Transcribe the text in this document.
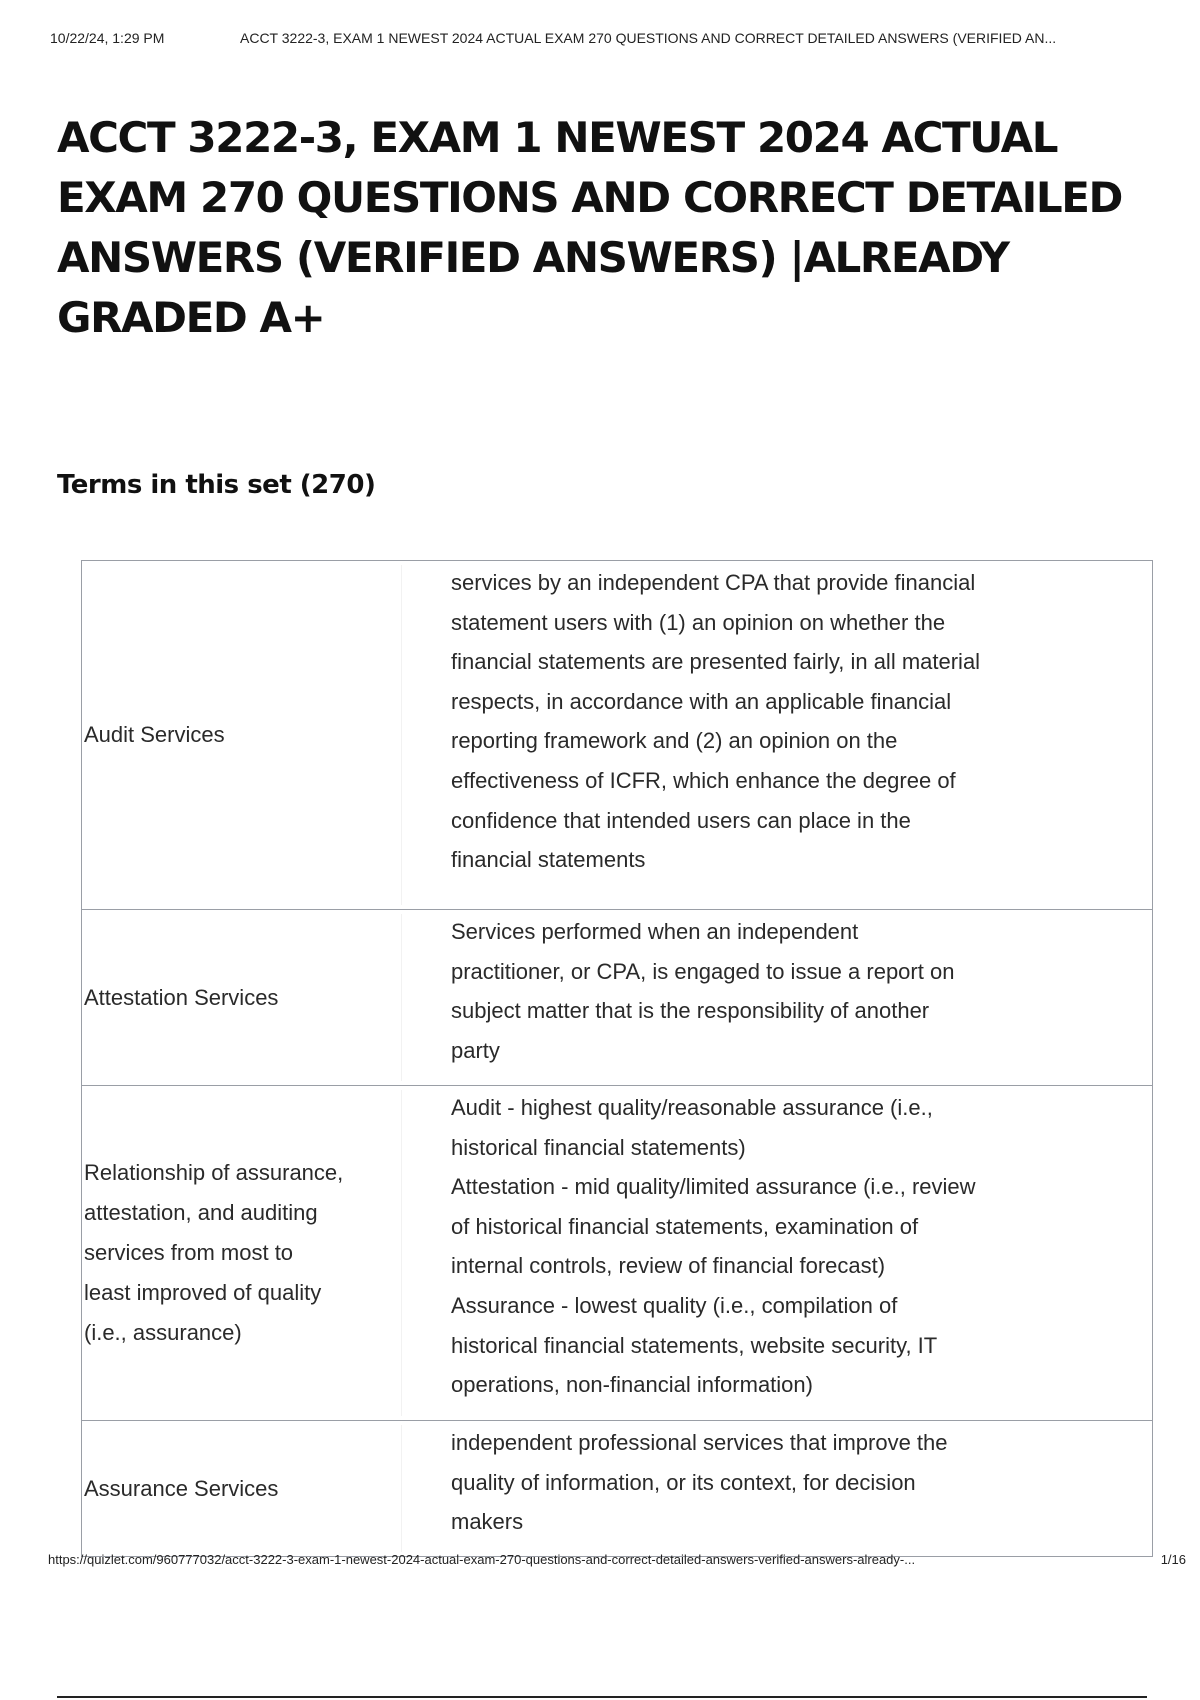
10/22/24, 1:29 PM	ACCT 3222-3, EXAM 1 NEWEST 2024 ACTUAL EXAM 270 QUESTIONS AND CORRECT DETAILED ANSWERS (VERIFIED AN...
ACCT 3222-3, EXAM 1 NEWEST 2024 ACTUAL
EXAM 270 QUESTIONS AND CORRECT DETAILED
ANSWERS (VERIFIED ANSWERS) |ALREADY
GRADED A+
Terms in this set (270)
Audit Services
services by an independent CPA that provide financial
statement users with (1) an opinion on whether the
financial statements are presented fairly, in all material
respects, in accordance with an applicable financial
reporting framework and (2) an opinion on the
effectiveness of ICFR, which enhance the degree of
confidence that intended users can place in the
financial statements
Attestation Services
Services performed when an independent
practitioner, or CPA, is engaged to issue a report on
subject matter that is the responsibility of another
party
Relationship of assurance,
attestation, and auditing
services from most to
least improved of quality
(i.e., assurance)
Audit - highest quality/reasonable assurance (i.e.,
historical financial statements)
Attestation - mid quality/limited assurance (i.e., review
of historical financial statements, examination of
internal controls, review of financial forecast)
Assurance - lowest quality (i.e., compilation of
historical financial statements, website security, IT
operations, non-financial information)
Assurance Services
independent professional services that improve the
quality of information, or its context, for decision
makers
https://quizlet.com/960777032/acct-3222-3-exam-1-newest-2024-actual-exam-270-questions-and-correct-detailed-answers-verified-answers-already-...	1/16
